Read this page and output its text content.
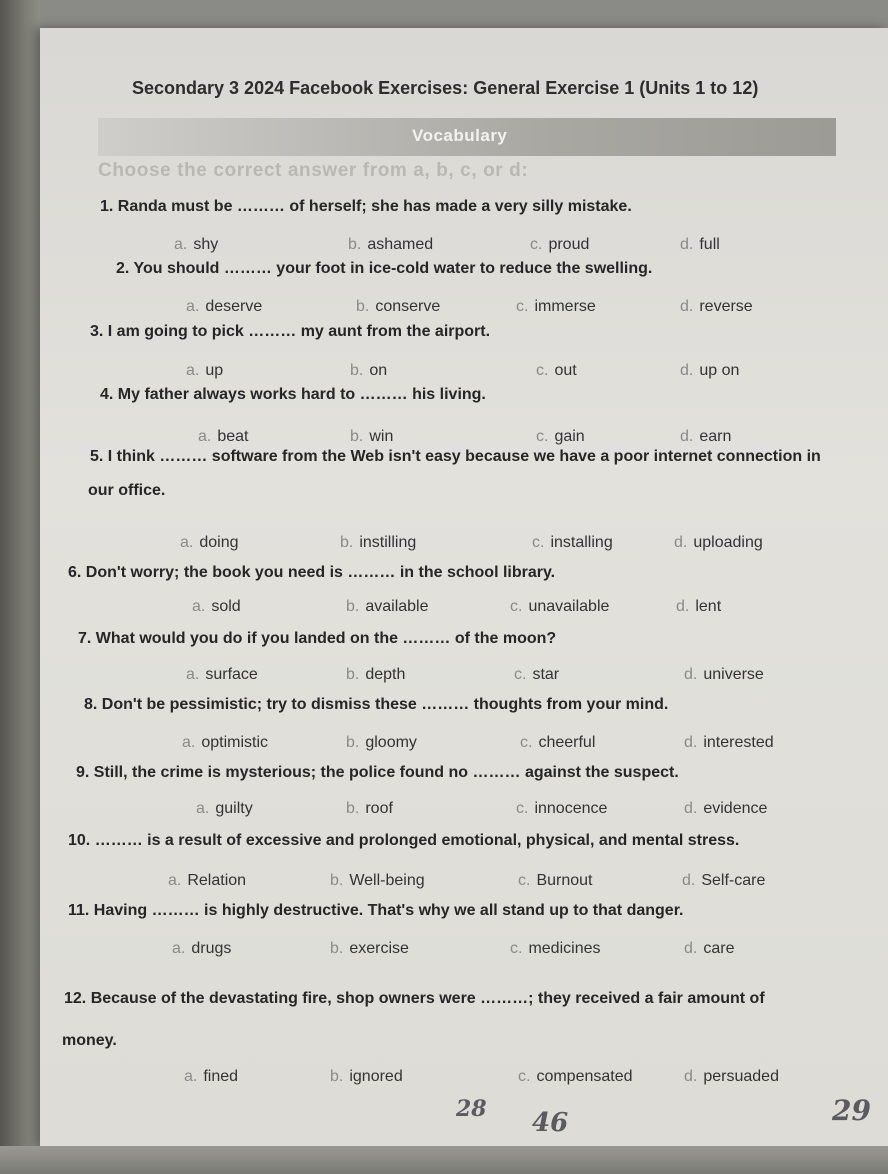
Secondary 3 2024 Facebook Exercises: General Exercise 1 (Units 1 to 12)
Vocabulary
Choose the correct answer from a, b, c, or d:
1. Randa must be ……… of herself; she has made a very silly mistake.
a. shy	b. ashamed	c. proud	d. full
2. You should ……… your foot in ice-cold water to reduce the swelling.
a. deserve	b. conserve	c. immerse	d. reverse
3. I am going to pick ……… my aunt from the airport.
a. up	b. on	c. out	d. up on
4. My father always works hard to ……… his living.
a. beat	b. win	c. gain	d. earn
5. I think ……… software from the Web isn't easy because we have a poor internet connection in
our office.
a. doing	b. instilling	c. installing	d. uploading
6. Don't worry; the book you need is ……… in the school library.
a. sold	b. available	c. unavailable	d. lent
7. What would you do if you landed on the ……… of the moon?
a. surface	b. depth	c. star	d. universe
8. Don't be pessimistic; try to dismiss these ……… thoughts from your mind.
a. optimistic	b. gloomy	c. cheerful	d. interested
9. Still, the crime is mysterious; the police found no ……… against the suspect.
a. guilty	b. roof	c. innocence	d. evidence
10. ……… is a result of excessive and prolonged emotional, physical, and mental stress.
a. Relation	b. Well-being	c. Burnout	d. Self-care
11. Having ……… is highly destructive. That's why we all stand up to that danger.
a. drugs	b. exercise	c. medicines	d. care
12. Because of the devastating fire, shop owners were ………; they received a fair amount of
money.
a. fined	b. ignored	c. compensated	d. persuaded
28 46	29
